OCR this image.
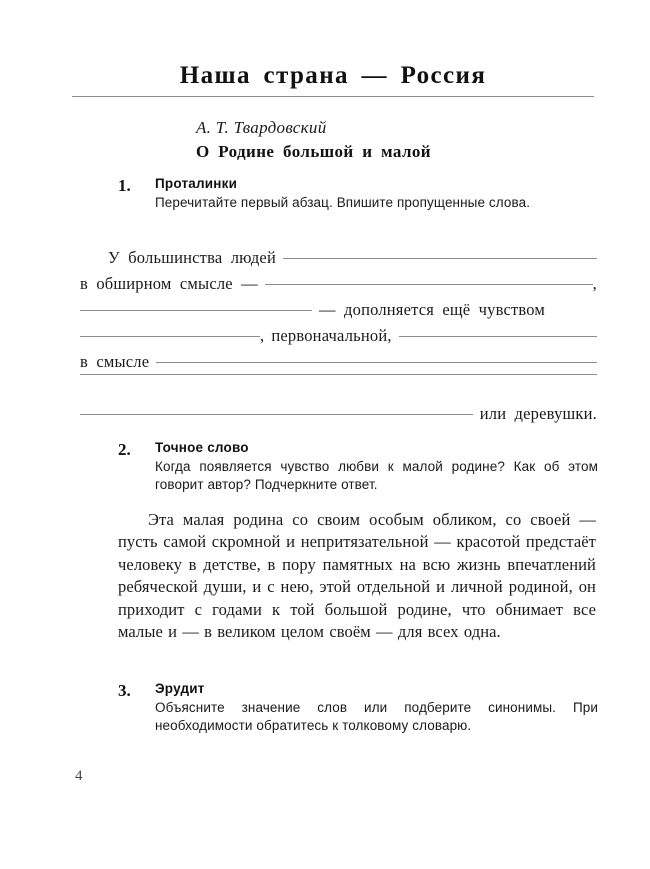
Наша страна — Россия
А. Т. Твардовский
О Родине большой и малой
1. Проталинки
Перечитайте первый абзац. Впишите пропущенные слова.
У большинства людей
в обширном смысле —	,
— дополняется ещё чувством
, первоначальной,
в смысле
или деревушки.
2. Точное слово
Когда появляется чувство любви к малой родине? Как об этом говорит автор? Подчеркните ответ.
Эта малая родина со своим особым обликом, со своей — пусть самой скромной и непритязательной — красотой предстаёт человеку в детстве, в пору памятных на всю жизнь впечатлений ребяческой души, и с нею, этой отдельной и личной родиной, он приходит с годами к той большой родине, что обнимает все малые и — в великом целом своём — для всех одна.
3. Эрудит
Объясните значение слов или подберите синонимы. При необходимости обратитесь к толковому словарю.
4
